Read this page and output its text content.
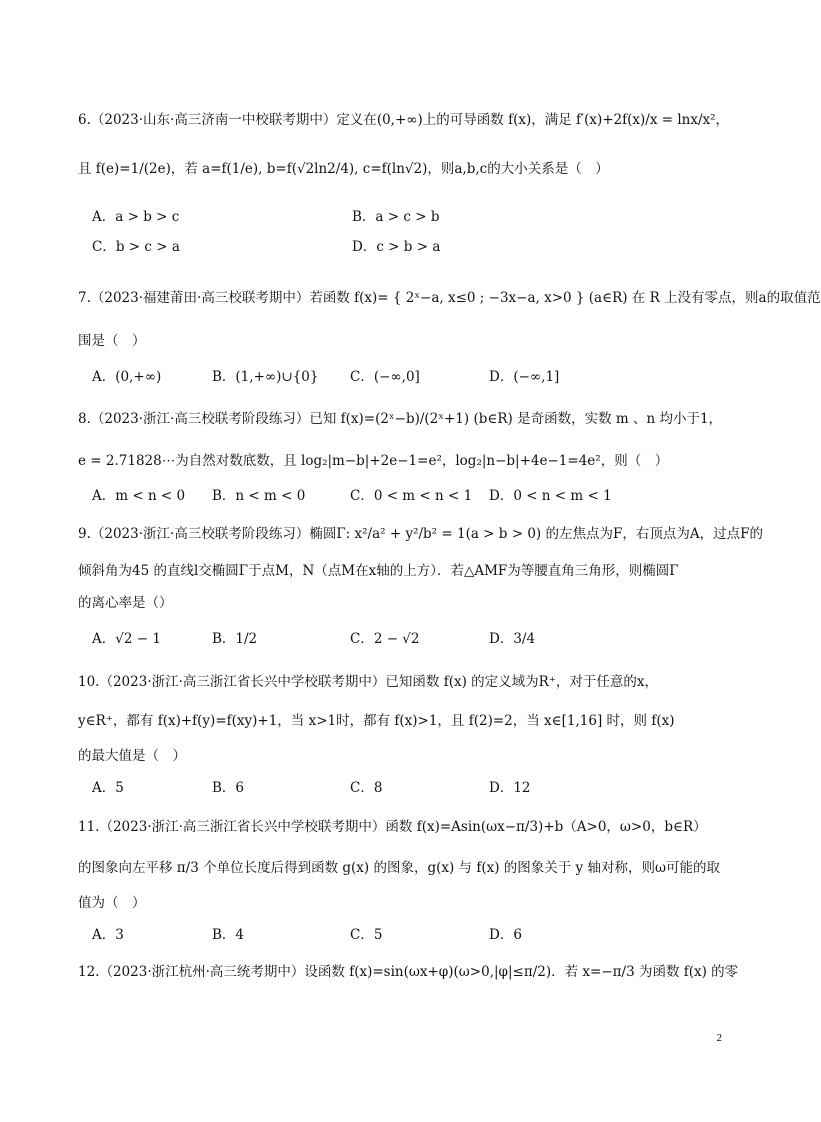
6.（2023·山东·高三济南一中校联考期中）定义在(0,+∞)上的可导函数 f(x)，满足 f′(x)+2f(x)/x = lnx/x²，
且 f(e)=1/(2e)，若 a=f(1/e), b=f(√2ln2/4), c=f(ln√2)，则a,b,c的大小关系是（　）
A．a > b > c	B．a > c > b
C．b > c > a	D．c > b > a
7.（2023·福建莆田·高三校联考期中）若函数 f(x)= { 2ˣ−a, x≤0 ; −3x−a, x>0 } (a∈R) 在 R 上没有零点，则a的取值范
围是（　）
A．(0,+∞)	B．(1,+∞)∪{0} C．(−∞,0]	D．(−∞,1]
8.（2023·浙江·高三校联考阶段练习）已知 f(x)=(2ˣ−b)/(2ˣ+1) (b∈R) 是奇函数，实数 m 、n 均小于1，
e = 2.71828⋯为自然对数底数，且 log₂|m−b|+2e−1=e²，log₂|n−b|+4e−1=4e²，则（　）
A．m < n < 0 B．n < m < 0	C．0 < m < n < 1 D．0 < n < m < 1
9.（2023·浙江·高三校联考阶段练习）椭圆Γ: x²/a² + y²/b² = 1(a > b > 0) 的左焦点为F，右顶点为A，过点F的
倾斜角为45 的直线l交椭圆Γ于点M，N（点M在x轴的上方）．若△AMF为等腰直角三角形，则椭圆Γ
的离心率是（）
A．√2 − 1	B．1/2	C．2 − √2	D．3/4
10.（2023·浙江·高三浙江省长兴中学校联考期中）已知函数 f(x) 的定义域为R⁺，对于任意的x，
y∈R⁺，都有 f(x)+f(y)=f(xy)+1，当 x>1时，都有 f(x)>1，且 f(2)=2，当 x∈[1,16] 时，则 f(x)
的最大值是（　）
A．5	B．6	C．8	D．12
11.（2023·浙江·高三浙江省长兴中学校联考期中）函数 f(x)=Asin(ωx−π/3)+b（A>0，ω>0，b∈R）
的图象向左平移 π/3 个单位长度后得到函数 g(x) 的图象，g(x) 与 f(x) 的图象关于 y 轴对称，则ω可能的取
值为（　）
A．3	B．4	C．5	D．6
12.（2023·浙江杭州·高三统考期中）设函数 f(x)=sin(ωx+φ)(ω>0,|φ|≤π/2)．若 x=−π/3 为函数 f(x) 的零
2
